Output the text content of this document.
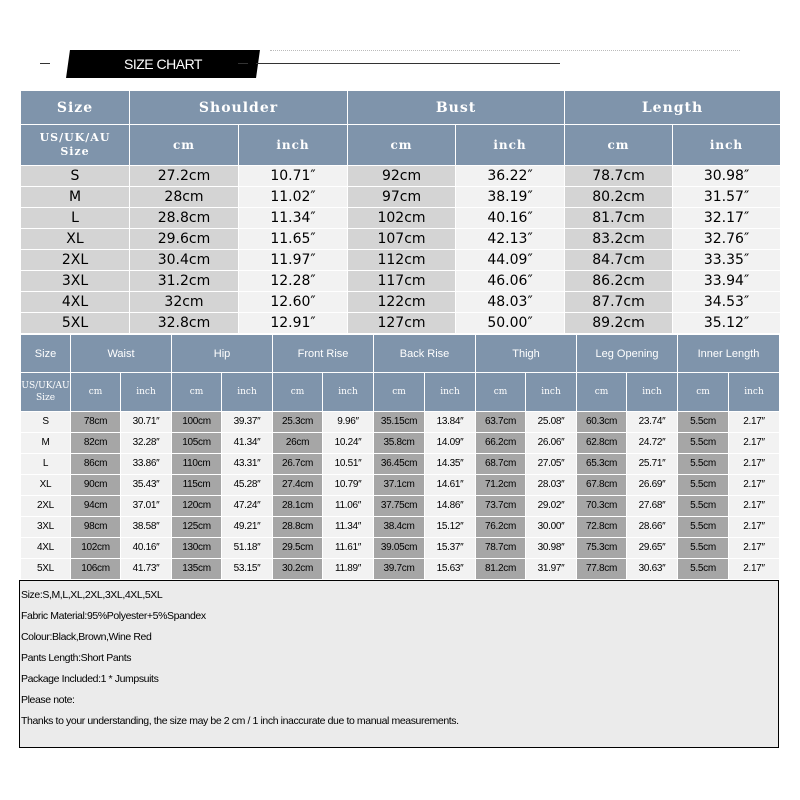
SIZE CHART
Size	Shoulder		Bust		Length	
US/UK/AU
Size	cm	inch	cm	inch	cm	inch
S	27.2cm	10.71″	92cm	36.22″	78.7cm	30.98″
M	28cm	11.02″	97cm	38.19″	80.2cm	31.57″
L	28.8cm	11.34″	102cm	40.16″	81.7cm	32.17″
XL	29.6cm	11.65″	107cm	42.13″	83.2cm	32.76″
2XL	30.4cm	11.97″	112cm	44.09″	84.7cm	33.35″
3XL	31.2cm	12.28″	117cm	46.06″	86.2cm	33.94″
4XL	32cm	12.60″	122cm	48.03″	87.7cm	34.53″
5XL	32.8cm	12.91″	127cm	50.00″	89.2cm	35.12″
Size	Waist		Hip		Front Rise		Back Rise		Thigh		Leg Opening		Inner Length	
US/UK/AU
Size	cm	inch	cm	inch	cm	inch	cm	inch	cm	inch	cm	inch	cm	inch
S	78cm	30.71″	100cm	39.37″	25.3cm	9.96″	35.15cm	13.84″	63.7cm	25.08″	60.3cm	23.74″	5.5cm	2.17″
M	82cm	32.28″	105cm	41.34″	26cm	10.24″	35.8cm	14.09″	66.2cm	26.06″	62.8cm	24.72″	5.5cm	2.17″
L	86cm	33.86″	110cm	43.31″	26.7cm	10.51″	36.45cm	14.35″	68.7cm	27.05″	65.3cm	25.71″	5.5cm	2.17″
XL	90cm	35.43″	115cm	45.28″	27.4cm	10.79″	37.1cm	14.61″	71.2cm	28.03″	67.8cm	26.69″	5.5cm	2.17″
2XL	94cm	37.01″	120cm	47.24″	28.1cm	11.06″	37.75cm	14.86″	73.7cm	29.02″	70.3cm	27.68″	5.5cm	2.17″
3XL	98cm	38.58″	125cm	49.21″	28.8cm	11.34″	38.4cm	15.12″	76.2cm	30.00″	72.8cm	28.66″	5.5cm	2.17″
4XL	102cm	40.16″	130cm	51.18″	29.5cm	11.61″	39.05cm	15.37″	78.7cm	30.98″	75.3cm	29.65″	5.5cm	2.17″
5XL	106cm	41.73″	135cm	53.15″	30.2cm	11.89″	39.7cm	15.63″	81.2cm	31.97″	77.8cm	30.63″	5.5cm	2.17″
Size:S,M,L,XL,2XL,3XL,4XL,5XL
Fabric Material:95%Polyester+5%Spandex
Colour:Black,Brown,Wine Red
Pants Length:Short Pants
Package Included:1 * Jumpsuits
Please note:
Thanks to your understanding, the size may be 2 cm / 1 inch inaccurate due to manual measurements.
